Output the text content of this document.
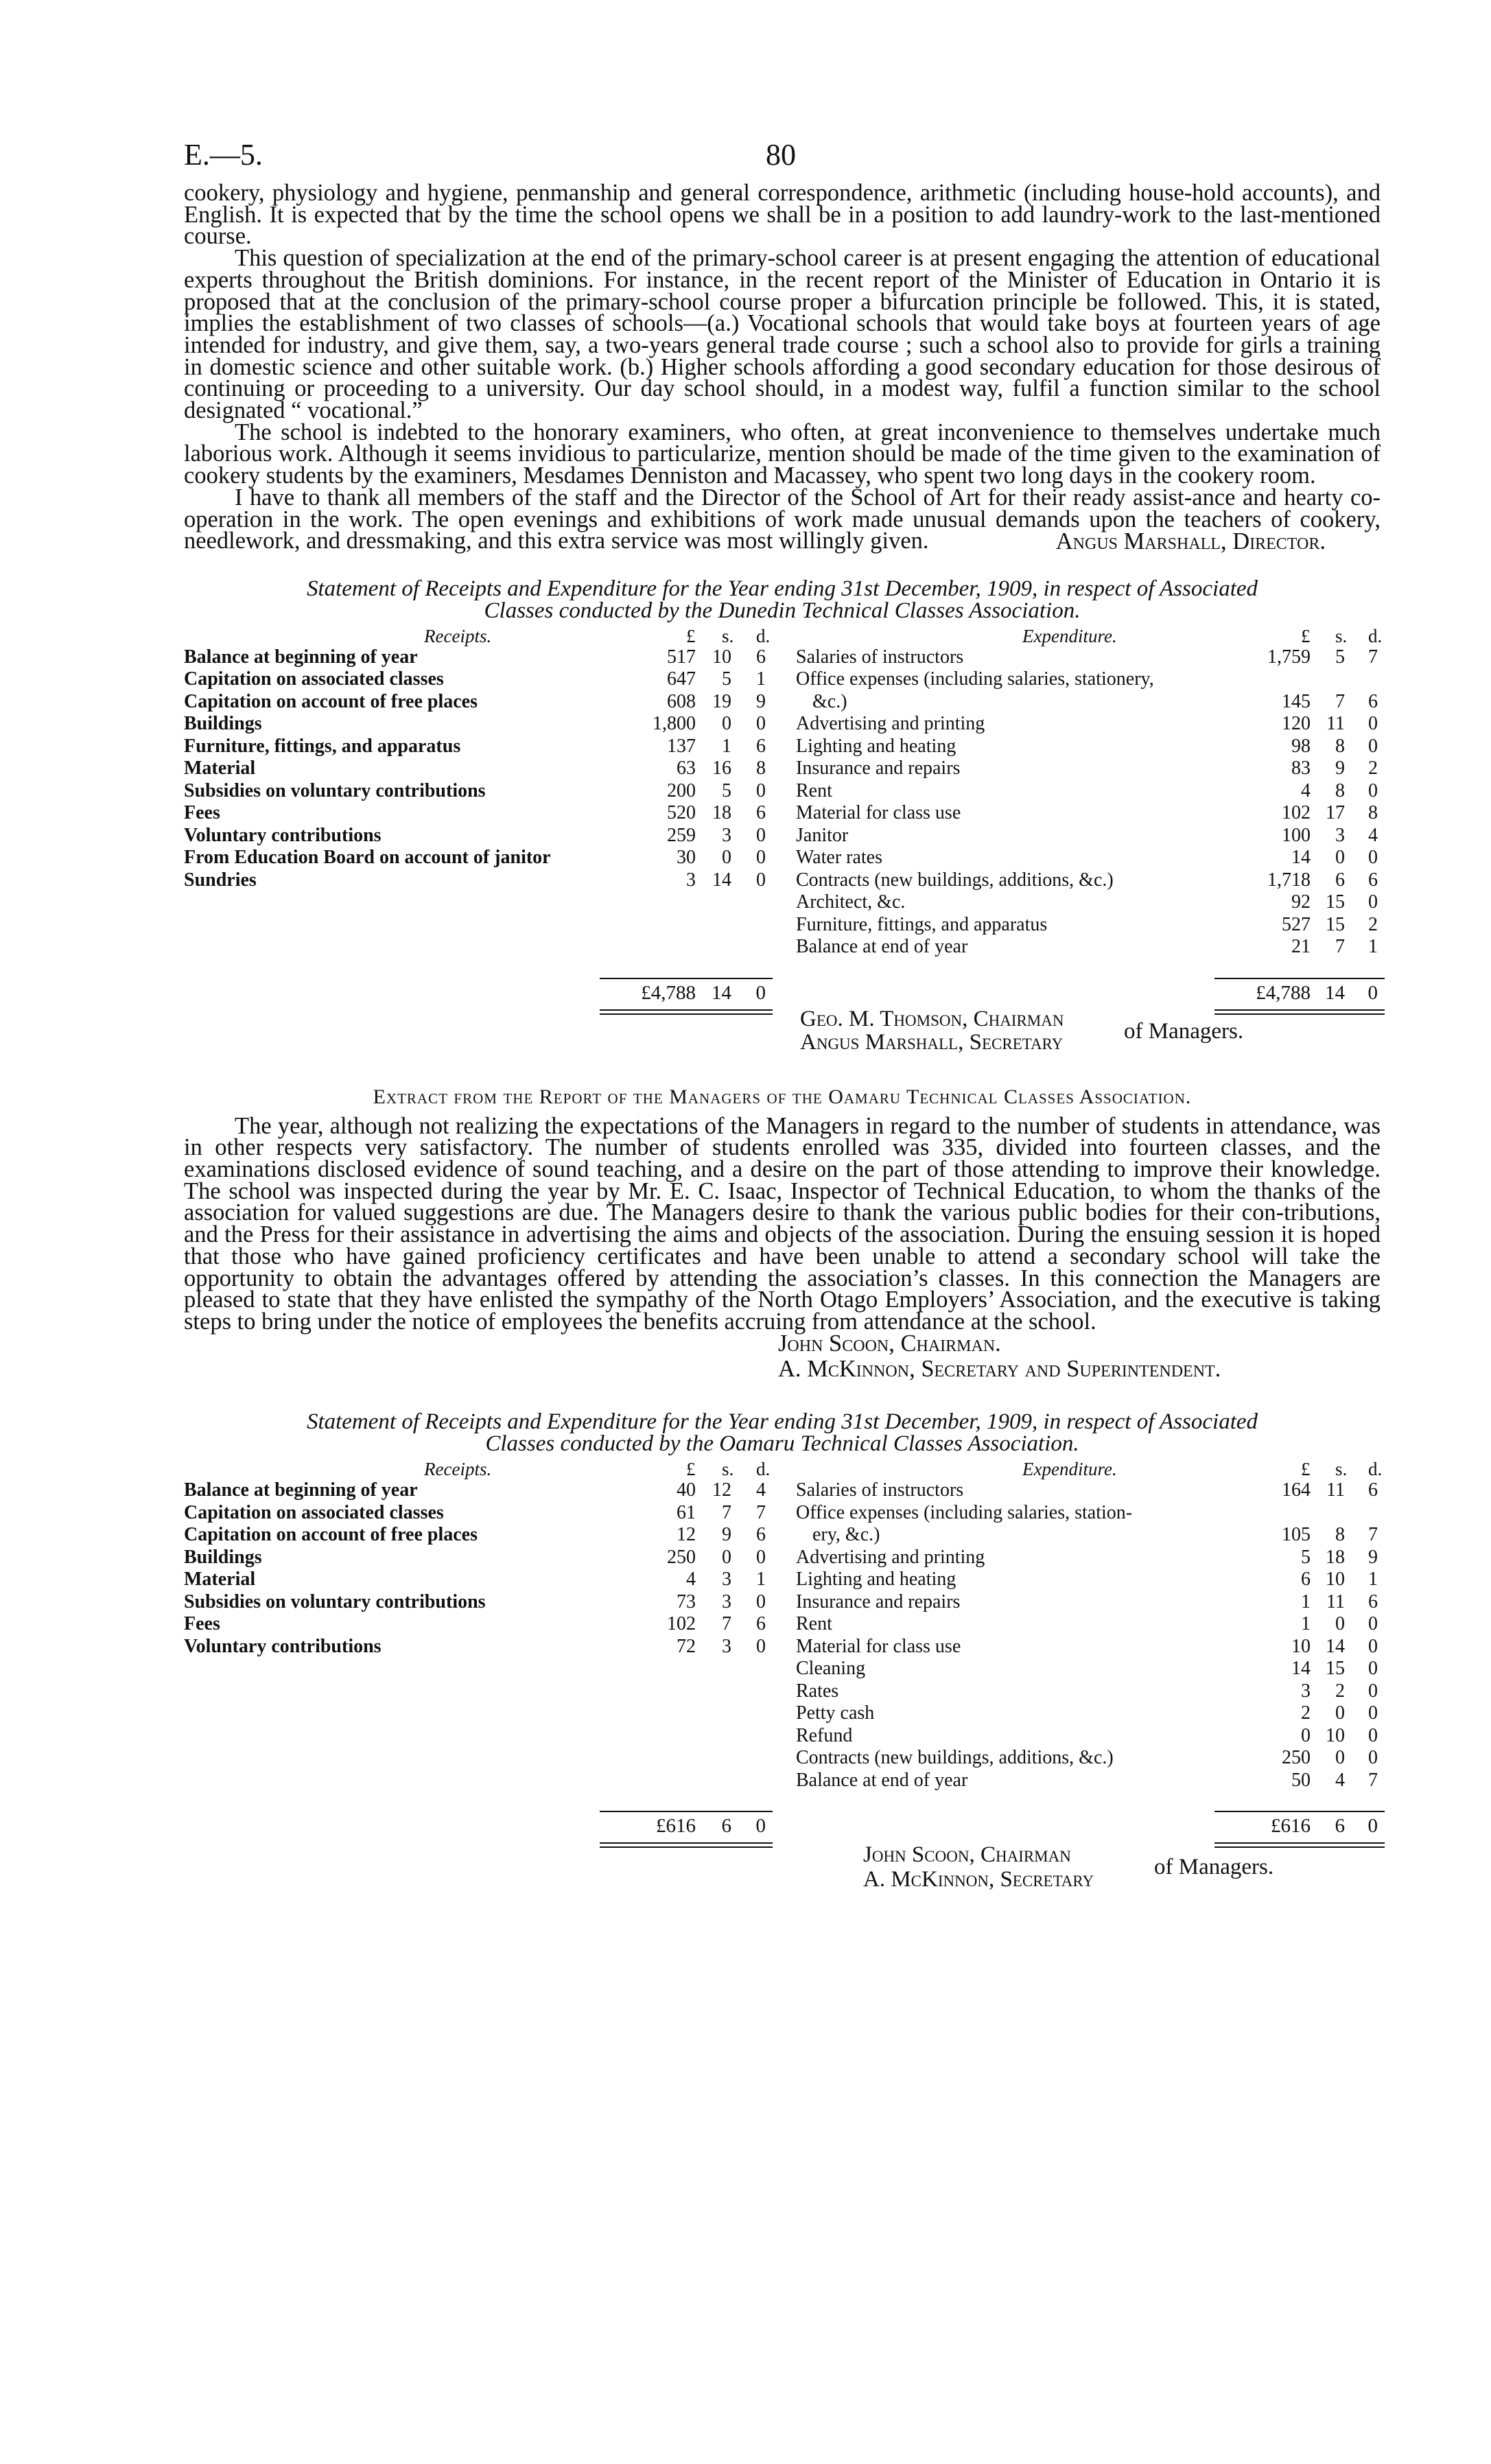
E.—5.	80

cookery, physiology and hygiene, penmanship and general correspondence, arithmetic (including house-hold accounts), and English. It is expected that by the time the school opens we shall be in a position to add laundry-work to the last-mentioned course.

This question of specialization at the end of the primary-school career is at present engaging the attention of educational experts throughout the British dominions. For instance, in the recent report of the Minister of Education in Ontario it is proposed that at the conclusion of the primary-school course proper a bifurcation principle be followed. This, it is stated, implies the establishment of two classes of schools—(a.) Vocational schools that would take boys at fourteen years of age intended for industry, and give them, say, a two-years general trade course ; such a school also to provide for girls a training in domestic science and other suitable work. (b.) Higher schools affording a good secondary education for those desirous of continuing or proceeding to a university. Our day school should, in a modest way, fulfil a function similar to the school designated “ vocational.”

The school is indebted to the honorary examiners, who often, at great inconvenience to themselves undertake much laborious work. Although it seems invidious to particularize, mention should be made of the time given to the examination of cookery students by the examiners, Mesdames Denniston and Macassey, who spent two long days in the cookery room.

I have to thank all members of the staff and the Director of the School of Art for their ready assist-ance and hearty co-operation in the work. The open evenings and exhibitions of work made unusual demands upon the teachers of cookery, needlework, and dressmaking, and this extra service was most willingly given.	Angus Marshall, Director.

Statement of Receipts and Expenditure for the Year ending 31st December, 1909, in respect of Associated

Classes conducted by the Dunedin Technical Classes Association.

Receipts.	£ s. d.
Balance at beginning of year	517 10 6
Capitation on associated classes	647 5 1
Capitation on account of free places	608 19 9
Buildings	1,800 0 0
Furniture, fittings, and apparatus	137 1 6
Material	63 16 8
Subsidies on voluntary contributions	200 5 0
Fees	520 18 6
Voluntary contributions	259 3 0
From Education Board on account of janitor	30 0 0
Sundries	3 14 0
£4,788 14 0
Expenditure.	£ s. d.
Salaries of instructors	1,759 5 7
Office expenses (including salaries, stationery,
&c.)	145 7 6
Advertising and printing	120 11 0
Lighting and heating	98 8 0
Insurance and repairs	83 9 2
Rent	4 8 0
Material for class use	102 17 8
Janitor	100 3 4
Water rates	14 0 0
Contracts (new buildings, additions, &c.)	1,718 6 6
Architect, &c.	92 15 0
Furniture, fittings, and apparatus	527 15 2
Balance at end of year	21 7 1
£4,788 14 0
Geo. M. Thomson, Chairman
Angus Marshall, Secretary	of Managers.

Extract from the Report of the Managers of the Oamaru Technical Classes Association.

The year, although not realizing the expectations of the Managers in regard to the number of students in attendance, was in other respects very satisfactory. The number of students enrolled was 335, divided into fourteen classes, and the examinations disclosed evidence of sound teaching, and a desire on the part of those attending to improve their knowledge. The school was inspected during the year by Mr. E. C. Isaac, Inspector of Technical Education, to whom the thanks of the association for valued suggestions are due. The Managers desire to thank the various public bodies for their con-tributions, and the Press for their assistance in advertising the aims and objects of the association. During the ensuing session it is hoped that those who have gained proficiency certificates and have been unable to attend a secondary school will take the opportunity to obtain the advantages offered by attending the association’s classes. In this connection the Managers are pleased to state that they have enlisted the sympathy of the North Otago Employers’ Association, and the executive is taking steps to bring under the notice of employees the benefits accruing from attendance at the school.

John Scoon, Chairman.
A. McKinnon, Secretary and Superintendent.

Statement of Receipts and Expenditure for the Year ending 31st December, 1909, in respect of Associated

Classes conducted by the Oamaru Technical Classes Association.

Receipts.	£ s. d.
Balance at beginning of year	40 12 4
Capitation on associated classes	61 7 7
Capitation on account of free places	12 9 6
Buildings	250 0 0
Material	4 3 1
Subsidies on voluntary contributions	73 3 0
Fees	102 7 6
Voluntary contributions	72 3 0
£616 6 0
Expenditure.	£ s. d.
Salaries of instructors	164 11 6
Office expenses (including salaries, station-
ery, &c.)	105 8 7
Advertising and printing	5 18 9
Lighting and heating	6 10 1
Insurance and repairs	1 11 6
Rent	1 0 0
Material for class use	10 14 0
Cleaning	14 15 0
Rates	3 2 0
Petty cash	2 0 0
Refund	0 10 0
Contracts (new buildings, additions, &c.)	250 0 0
Balance at end of year	50 4 7
£616 6 0
John Scoon, Chairman
A. McKinnon, Secretary	of Managers.
